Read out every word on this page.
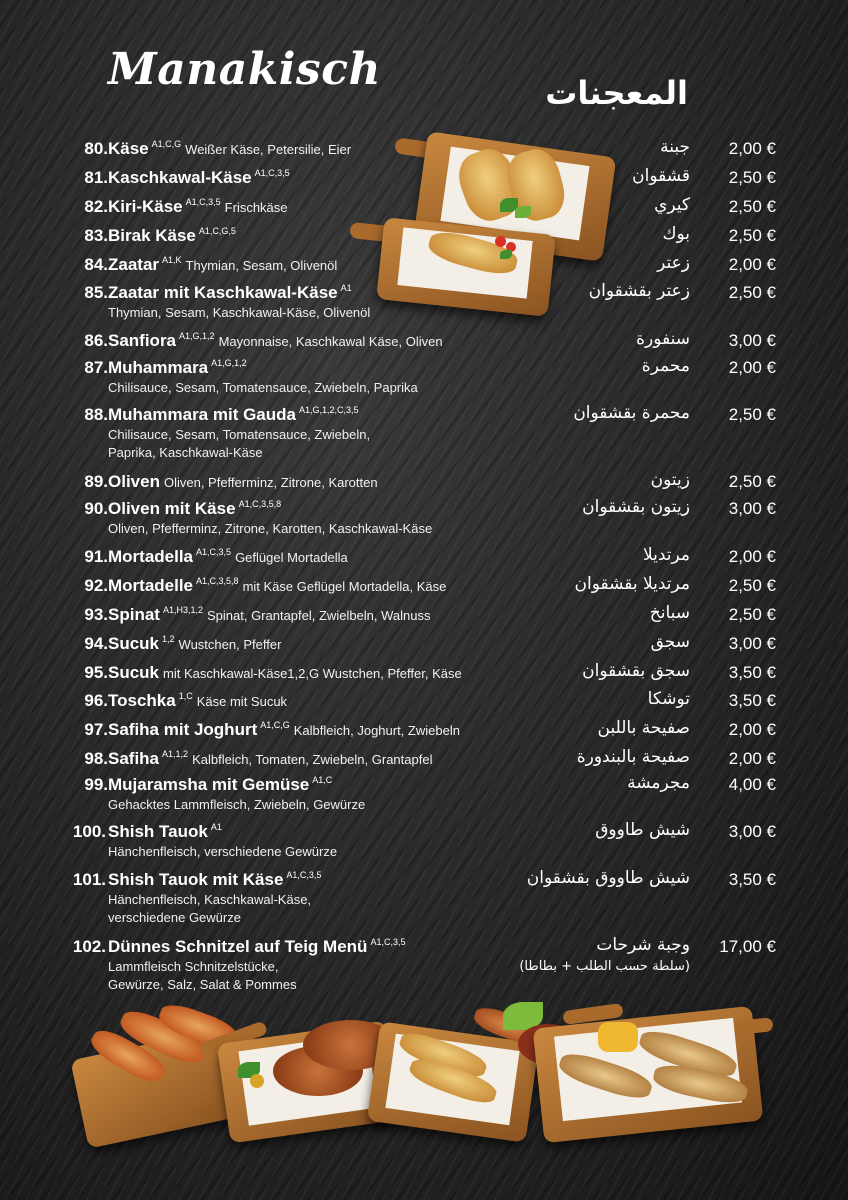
Manakisch	المعجنات
80. Käse $^{A1,C,G}$ Weißer Käse, Petersilie, Eier	جبنة 2,00 €
81. Kaschkawal-Käse $^{A1,C,3,5}$	قشقوان 2,50 €
82. Kiri-Käse $^{A1,C,3,5}$ Frischkäse	كيري 2,50 €
83. Birak Käse $^{A1,C,G,5}$	بوك 2,50 €
84. Zaatar $^{A1,K}$ Thymian, Sesam, Olivenöl	زعتر 2,00 €
85. Zaatar mit Kaschkawal-Käse $^{A1}$
Thymian, Sesam, Kaschkawal-Käse, Olivenöl
زعتر بقشقوان 2,50 €
86. Sanfiora $^{A1,G,1,2}$ Mayonnaise, Kaschkawal Käse, Oliven	سنفورة 3,00 €
87. Muhammara $^{A1,G,1,2}$
Chilisauce, Sesam, Tomatensauce, Zwiebeln, Paprika
محمرة 2,00 €
88. Muhammara mit Gauda $^{A1,G,1,2,C,3,5}$
Chilisauce, Sesam, Tomatensauce, Zwiebeln,
Paprika, Kaschkawal-Käse
محمرة بقشقوان 2,50 €
89. Oliven Oliven, Pfefferminz, Zitrone, Karotten	زيتون 2,50 €
90. Oliven mit Käse $^{A1,C,3,5,8}$
Oliven, Pfefferminz, Zitrone, Karotten, Kaschkawal-Käse
زيتون بقشقوان 3,00 €
91. Mortadella $^{A1,C,3,5}$ Geflügel Mortadella	مرتديلا 2,00 €
92. Mortadelle $^{A1,C,3,5,8}$ mit Käse Geflügel Mortadella, Käse	مرتديلا بقشقوان 2,50 €
93. Spinat $^{A1,H3,1,2}$ Spinat, Grantapfel, Zwielbeln, Walnuss	سبانخ 2,50 €
94. Sucuk $^{1,2}$ Wustchen, Pfeffer	سجق 3,00 €
95. Sucuk mit Kaschkawal-Käse1,2,G Wustchen, Pfeffer, Käse	سجق بقشقوان 3,50 €
96. Toschka $^{1,C}$ Käse mit Sucuk	توشكا 3,50 €
97. Safiha mit Joghurt $^{A1,C,G}$ Kalbfleich, Joghurt, Zwiebeln	صفيحة باللبن 2,00 €
98. Safiha $^{A1,1,2}$ Kalbfleich, Tomaten, Zwiebeln, Grantapfel	صفيحة بالبندورة 2,00 €
99. Mujaramsha mit Gemüse $^{A1,C}$
Gehacktes Lammfleisch, Zwiebeln, Gewürze
مجرمشة 4,00 €
100. Shish Tauok $^{A1}$
Hänchenfleisch, verschiedene Gewürze
شيش طاووق 3,00 €
101. Shish Tauok mit Käse $^{A1,C,3,5}$
Hänchenfleisch, Kaschkawal-Käse,
verschiedene Gewürze
شيش طاووق بقشقوان 3,50 €
102. Dünnes Schnitzel auf Teig Menü $^{A1,C,3,5}$
Lammfleisch Schnitzelstücke,
Gewürze, Salz, Salat & Pommes
وجبة شرحات
(سلطة حسب الطلب + بطاطا)
17,00 €
